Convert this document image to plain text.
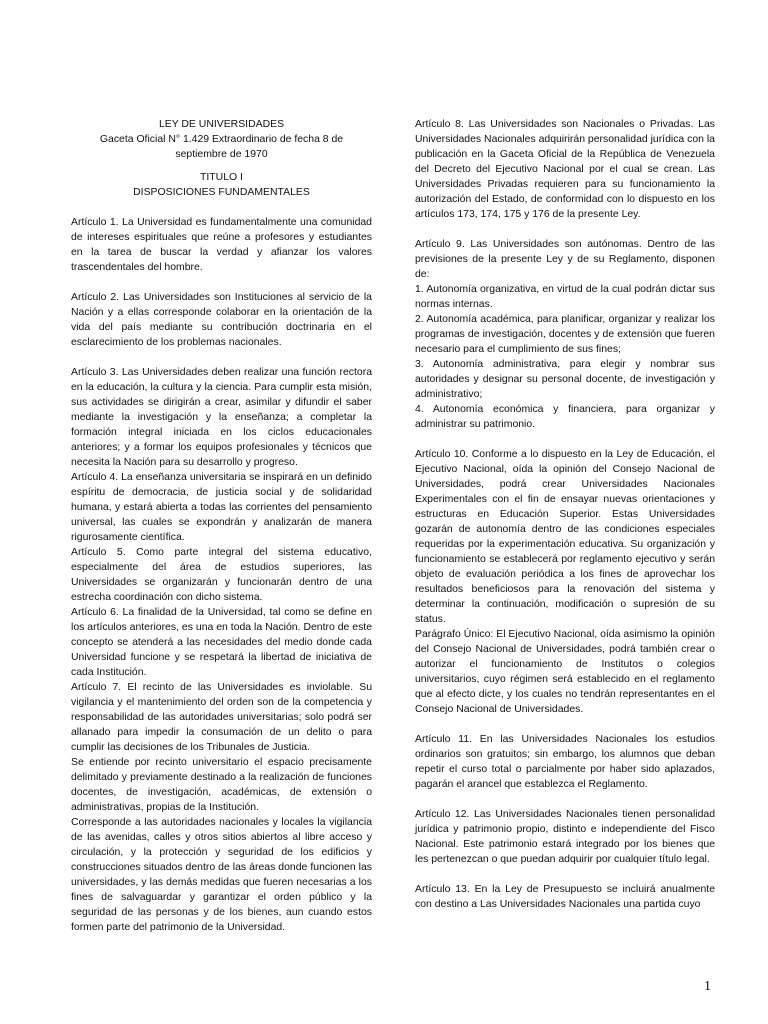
LEY DE UNIVERSIDADES

Gaceta Oficial N° 1.429 Extraordinario de fecha 8 de

septiembre de 1970

TITULO I

DISPOSICIONES FUNDAMENTALES

Artículo 1. La Universidad es fundamentalmente una comunidad de intereses espirituales que reúne a profesores y estudiantes en la tarea de buscar la verdad y afianzar los valores trascendentales del hombre.

Artículo 2. Las Universidades son Instituciones al servicio de la Nación y a ellas corresponde colaborar en la orientación de la vida del país mediante su contribución doctrinaria en el esclarecimiento de los problemas nacionales.

Artículo 3. Las Universidades deben realizar una función rectora en la educación, la cultura y la ciencia. Para cumplir esta misión, sus actividades se dirigirán a crear, asimilar y difundir el saber mediante la investigación y la enseñanza; a completar la formación integral iniciada en los ciclos educacionales anteriores; y a formar los equipos profesionales y técnicos que necesita la Nación para su desarrollo y progreso.

Artículo 4. La enseñanza universitaria se inspirará en un definido espíritu de democracia, de justicia social y de solidaridad humana, y estará abierta a todas las corrientes del pensamiento universal, las cuales se expondrán y analizarán de manera rigurosamente científica.

Artículo 5. Como parte integral del sistema educativo, especialmente del área de estudios superiores, las Universidades se organizarán y funcionarán dentro de una estrecha coordinación con dicho sistema.

Artículo 6. La finalidad de la Universidad, tal como se define en los artículos anteriores, es una en toda la Nación. Dentro de este concepto se atenderá a las necesidades del medio donde cada Universidad funcione y se respetará la libertad de iniciativa de cada Institución.

Artículo 7. El recinto de las Universidades es inviolable. Su vigilancia y el mantenimiento del orden son de la competencia y responsabilidad de las autoridades universitarias; solo podrá ser allanado para impedir la consumación de un delito o para cumplir las decisiones de los Tribunales de Justicia.

Se entiende por recinto universitario el espacio precisamente delimitado y previamente destinado a la realización de funciones docentes, de investigación, académicas, de extensión o administrativas, propias de la Institución.

Corresponde a las autoridades nacionales y locales la vigilancia de las avenidas, calles y otros sitios abiertos al libre acceso y circulación, y la protección y seguridad de los edificios y construcciones situados dentro de las áreas donde funcionen las universidades, y las demás medidas que fueren necesarias a los fines de salvaguardar y garantizar el orden público y la seguridad de las personas y de los bienes, aun cuando estos formen parte del patrimonio de la Universidad.

Artículo 8. Las Universidades son Nacionales o Privadas. Las Universidades Nacionales adquirirán personalidad jurídica con la publicación en la Gaceta Oficial de la República de Venezuela del Decreto del Ejecutivo Nacional por el cual se crean. Las Universidades Privadas requieren para su funcionamiento la autorización del Estado, de conformidad con lo dispuesto en los artículos 173, 174, 175 y 176 de la presente Ley.

Artículo 9. Las Universidades son autónomas. Dentro de las previsiones de la presente Ley y de su Reglamento, disponen de:

1. Autonomía organizativa, en virtud de la cual podrán dictar sus normas internas.

2. Autonomía académica, para planificar, organizar y realizar los programas de investigación, docentes y de extensión que fueren necesario para el cumplimiento de sus fines;

3. Autonomía administrativa, para elegir y nombrar sus autoridades y designar su personal docente, de investigación y administrativo;

4. Autonomía económica y financiera, para organizar y administrar su patrimonio.

Artículo 10. Conforme a lo dispuesto en la Ley de Educación, el Ejecutivo Nacional, oída la opinión del Consejo Nacional de Universidades, podrá crear Universidades Nacionales Experimentales con el fin de ensayar nuevas orientaciones y estructuras en Educación Superior. Estas Universidades gozarán de autonomía dentro de las condiciones especiales requeridas por la experimentación educativa. Su organización y funcionamiento se establecerá por reglamento ejecutivo y serán objeto de evaluación periódica a los fines de aprovechar los resultados beneficiosos para la renovación del sistema y determinar la continuación, modificación o supresión de su status.

Parágrafo Único: El Ejecutivo Nacional, oída asimismo la opinión del Consejo Nacional de Universidades, podrá también crear o autorizar el funcionamiento de Institutos o colegios universitarios, cuyo régimen será establecido en el reglamento que al efecto dicte, y los cuales no tendrán representantes en el Consejo Nacional de Universidades.

Artículo 11. En las Universidades Nacionales los estudios ordinarios son gratuitos; sin embargo, los alumnos que deban repetir el curso total o parcialmente por haber sido aplazados, pagarán el arancel que establezca el Reglamento.

Artículo 12. Las Universidades Nacionales tienen personalidad jurídica y patrimonio propio, distinto e independiente del Fisco Nacional. Este patrimonio estará integrado por los bienes que les pertenezcan o que puedan adquirir por cualquier título legal.

Artículo 13. En la Ley de Presupuesto se incluirá anualmente con destino a Las Universidades Nacionales una partida cuyo

1
